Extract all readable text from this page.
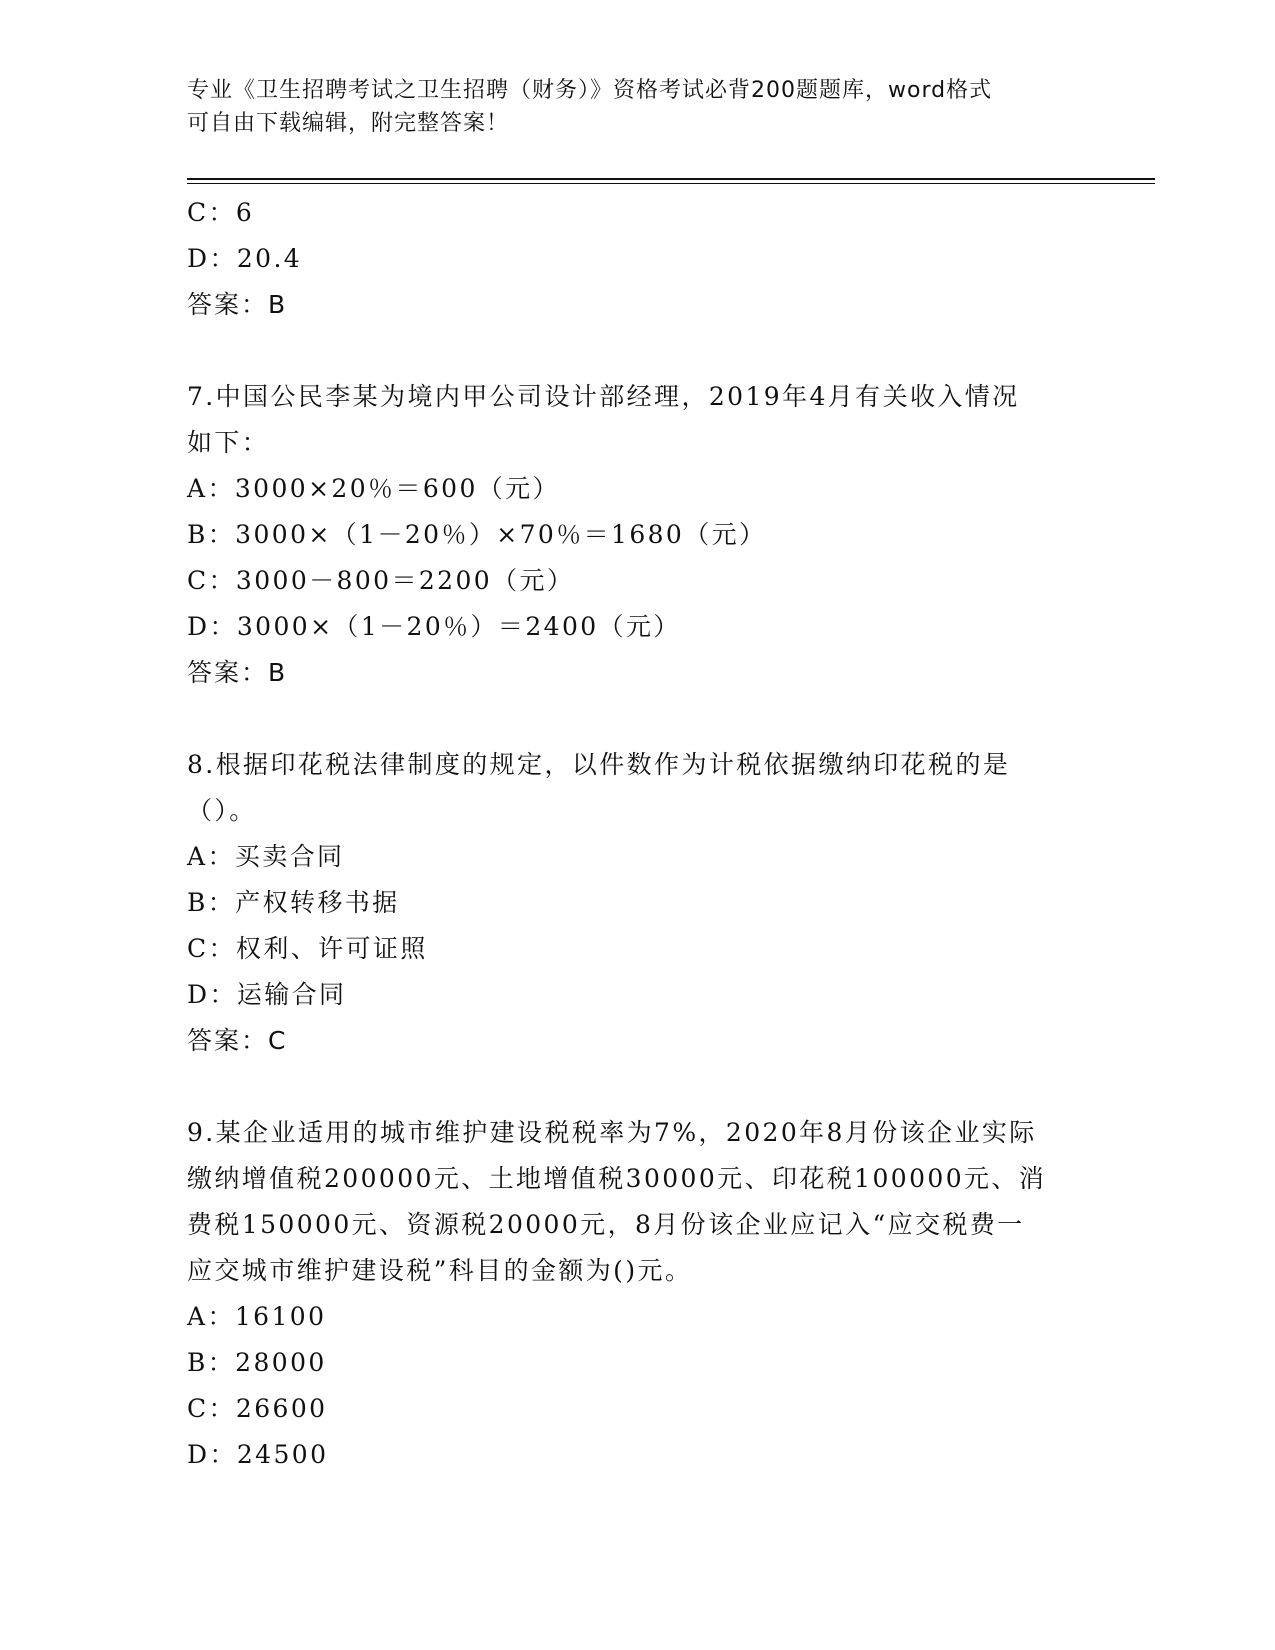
专业《卫生招聘考试之卫生招聘（财务）》资格考试必背200题题库，word格式
可自由下载编辑，附完整答案！
C：6
D：20.4
答案：B
7.中国公民李某为境内甲公司设计部经理，2019年4月有关收入情况
如下：
A：3000×20％＝600（元）
B：3000×（1－20％）×70％＝1680（元）
C：3000－800＝2200（元）
D：3000×（1－20％）＝2400（元）
答案：B
8.根据印花税法律制度的规定，以件数作为计税依据缴纳印花税的是
（）。
A：买卖合同
B：产权转移书据
C：权利、许可证照
D：运输合同
答案：C
9.某企业适用的城市维护建设税税率为7%，2020年8月份该企业实际
缴纳增值税200000元、土地增值税30000元、印花税100000元、消
费税150000元、资源税20000元，8月份该企业应记入“应交税费一
应交城市维护建设税”科目的金额为()元。
A：16100
B：28000
C：26600
D：24500
